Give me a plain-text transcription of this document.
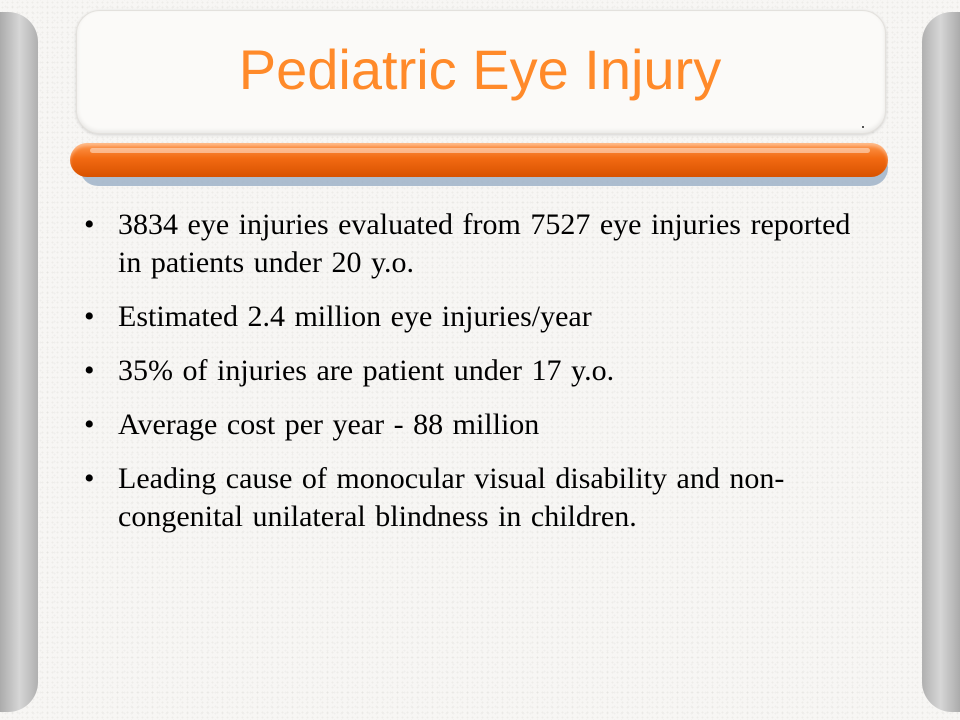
Pediatric Eye Injury
• 3834 eye injuries evaluated from 7527 eye injuries reported in patients under 20 y.o.
• Estimated 2.4 million eye injuries/year
• 35% of injuries are patient under 17 y.o.
• Average cost per year - 88 million
• Leading cause of monocular visual disability and non-congenital unilateral blindness in children.
